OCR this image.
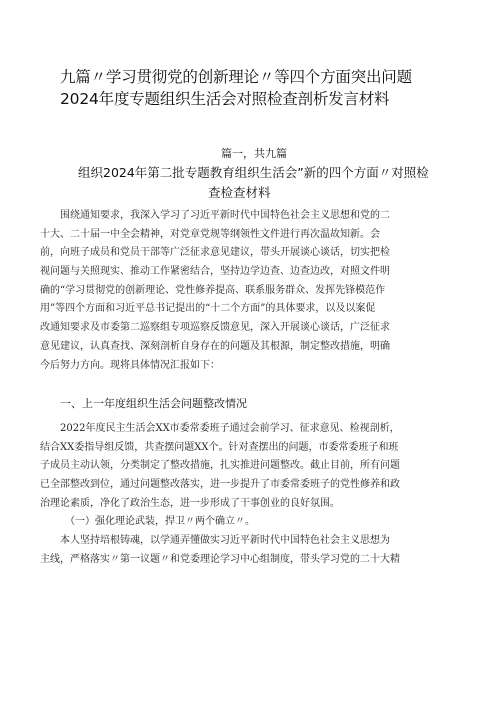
九篇〃学习贯彻党的创新理论〃等四个方面突出问题

2024年度专题组织生活会对照检查剖析发言材料

篇一，共九篇

组织2024年第二批专题教育组织生活会”新的四个方面〃对照检

查检查材料

　　围绕通知要求，我深入学习了习近平新时代中国特色社会主义思想和党的二
十大、二十届一中全会精神，对党章党规等纲领性文件进行再次温故知新。会
前，向班子成员和党员干部等广泛征求意见建议，带头开展谈心谈话，切实把检
视问题与关照现实、推动工作紧密结合，坚持边学边查、边查边改，对照文件明
确的“学习贯彻党的创新理论、党性修养提高、联系服务群众、发挥先锋模范作
用”等四个方面和习近平总书记提出的“十二个方面”的具体要求，以及以案促
改通知要求及市委第二巡察组专项巡察反馈意见，深入开展谈心谈话，广泛征求
意见建议，认真查找、深刻剖析自身存在的问题及其根源，制定整改措施，明确
今后努力方向。现将具体情况汇报如下：

一、上一年度组织生活会问题整改情况

　　2022年度民主生活会XX市委常委班子通过会前学习、征求意见、检视剖析，
结合XX委指导组反馈，共查摆问题XX个。针对查摆出的问题，市委常委班子和班
子成员主动认领，分类制定了整改措施，扎实推进问题整改。截止目前，所有问题
已全部整改到位，通过问题整改落实，进一步提升了市委常委班子的党性修养和政
治理论素质，净化了政治生态，进一步形成了干事创业的良好氛围。
　　　（一）强化理论武装，捍卫〃两个确立〃。
　　本人坚持培根铸魂，以学通弄懂做实习近平新时代中国特色社会主义思想为
主线，严格落实〃第一议题〃和党委理论学习中心组制度，带头学习党的二十大精
